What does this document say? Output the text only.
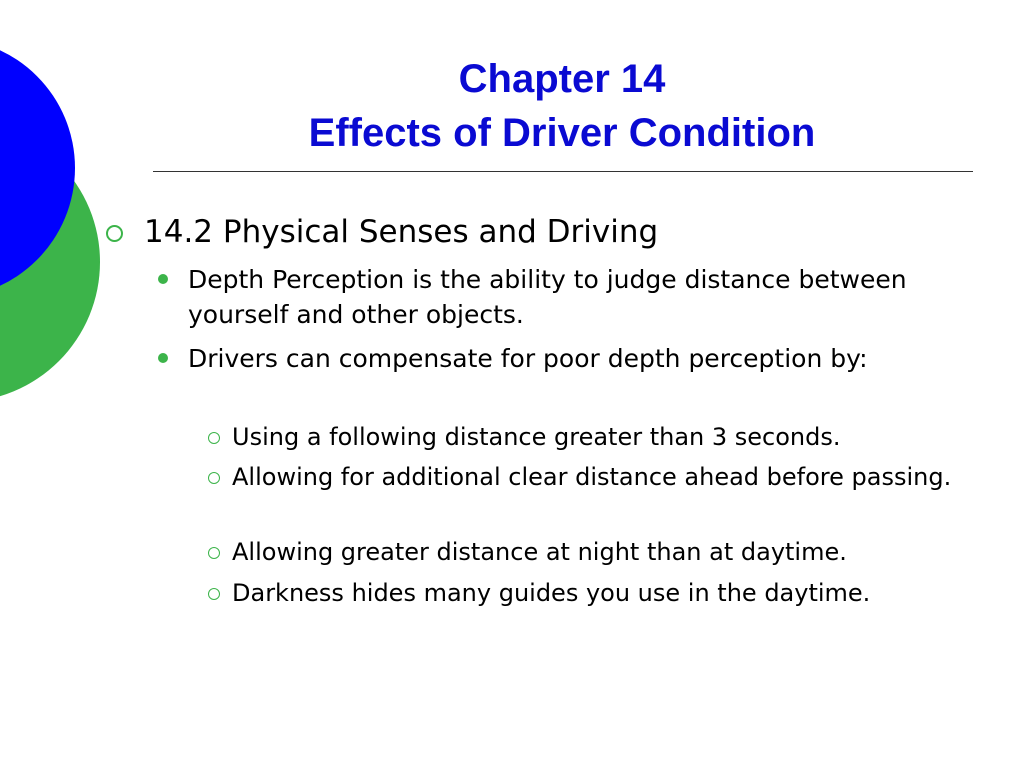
Chapter 14
Effects of Driver Condition
14.2 Physical Senses and Driving
Depth Perception is the ability to judge distance between yourself and other objects.
Drivers can compensate for poor depth perception by:
Using a following distance greater than 3 seconds.
Allowing for additional clear distance ahead before passing.
Allowing greater distance at night than at daytime.
Darkness hides many guides you use in the daytime.
